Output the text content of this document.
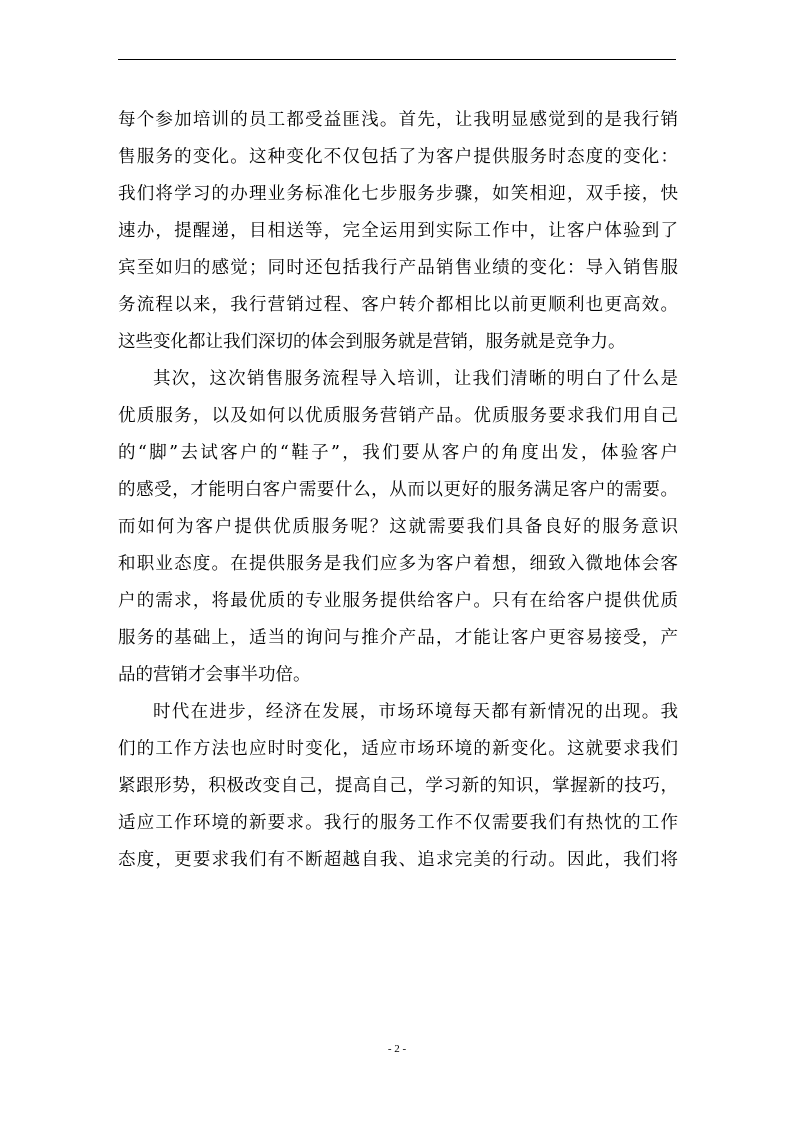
每个参加培训的员工都受益匪浅。首先，让我明显感觉到的是我行销
售服务的变化。这种变化不仅包括了为客户提供服务时态度的变化：
我们将学习的办理业务标准化七步服务步骤，如笑相迎，双手接，快
速办，提醒递，目相送等，完全运用到实际工作中，让客户体验到了
宾至如归的感觉；同时还包括我行产品销售业绩的变化：导入销售服
务流程以来，我行营销过程、客户转介都相比以前更顺利也更高效。
这些变化都让我们深切的体会到服务就是营销，服务就是竞争力。
其次，这次销售服务流程导入培训，让我们清晰的明白了什么是
优质服务，以及如何以优质服务营销产品。优质服务要求我们用自己
的“脚”去试客户的“鞋子”，我们要从客户的角度出发，体验客户
的感受，才能明白客户需要什么，从而以更好的服务满足客户的需要。
而如何为客户提供优质服务呢？这就需要我们具备良好的服务意识
和职业态度。在提供服务是我们应多为客户着想，细致入微地体会客
户的需求，将最优质的专业服务提供给客户。只有在给客户提供优质
服务的基础上，适当的询问与推介产品，才能让客户更容易接受，产
品的营销才会事半功倍。
时代在进步，经济在发展，市场环境每天都有新情况的出现。我
们的工作方法也应时时变化，适应市场环境的新变化。这就要求我们
紧跟形势，积极改变自己，提高自己，学习新的知识，掌握新的技巧，
适应工作环境的新要求。我行的服务工作不仅需要我们有热忱的工作
态度，更要求我们有不断超越自我、追求完美的行动。因此，我们将
- 2 -
